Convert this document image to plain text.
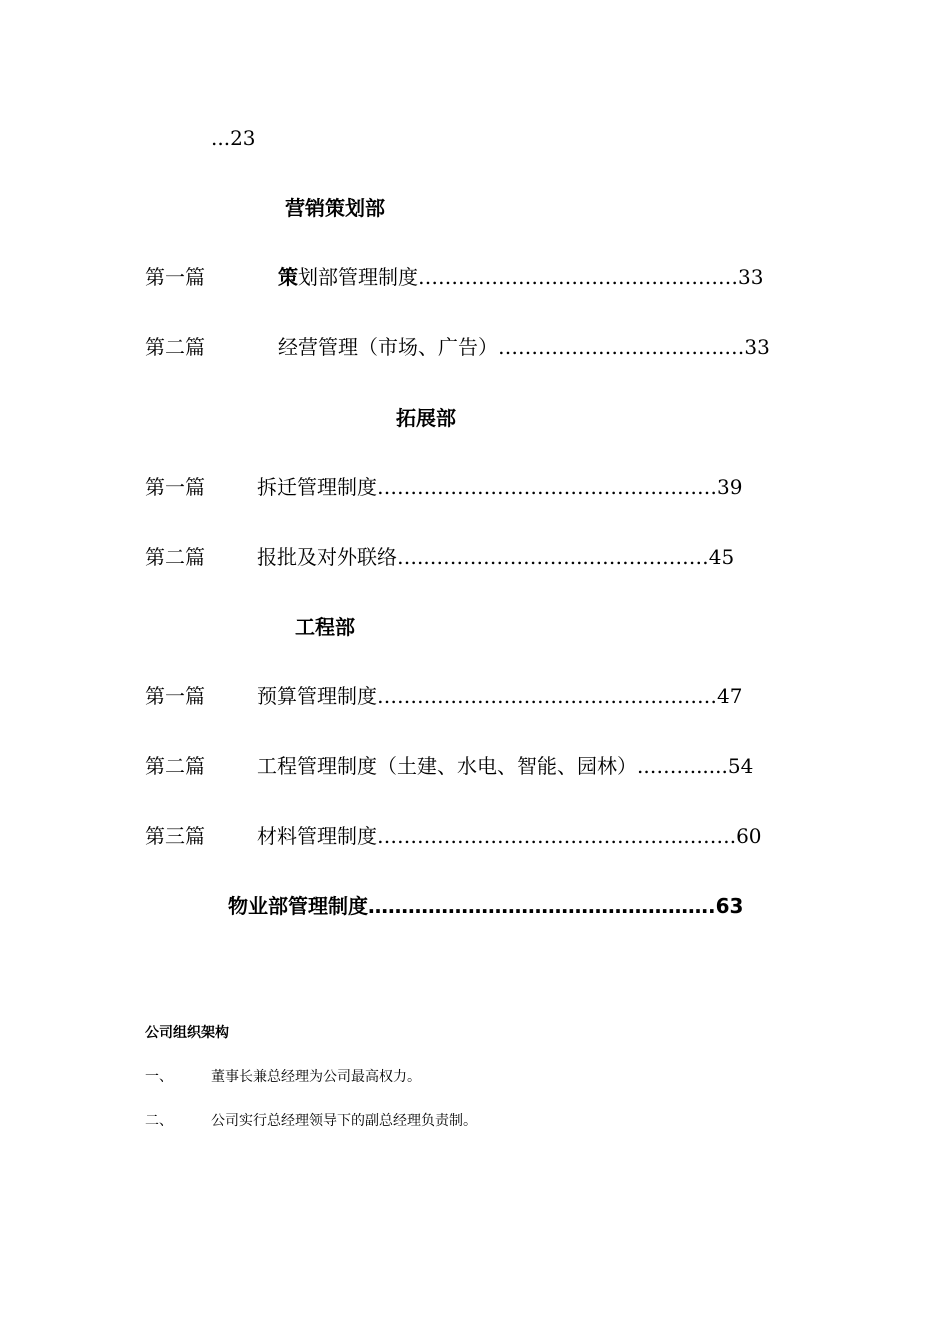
...23
营销策划部
第一篇	策划部管理制度…………………………………………33
第二篇	经营管理（市场、广告）…………………………….…33
拓展部
第一篇	拆迁管理制度……………………………………………39
第二篇	报批及对外联络…..…………………...………………45
工程部
第一篇	预算管理制度……………………………………………47
第二篇	工程管理制度（土建、水电、智能、园林）..……......54
第三篇	材料管理制度………………………………………..…….60
物业部管理制度…………………………………………….63
公司组织架构
一、	董事长兼总经理为公司最高权力。
二、	公司实行总经理领导下的副总经理负责制。
